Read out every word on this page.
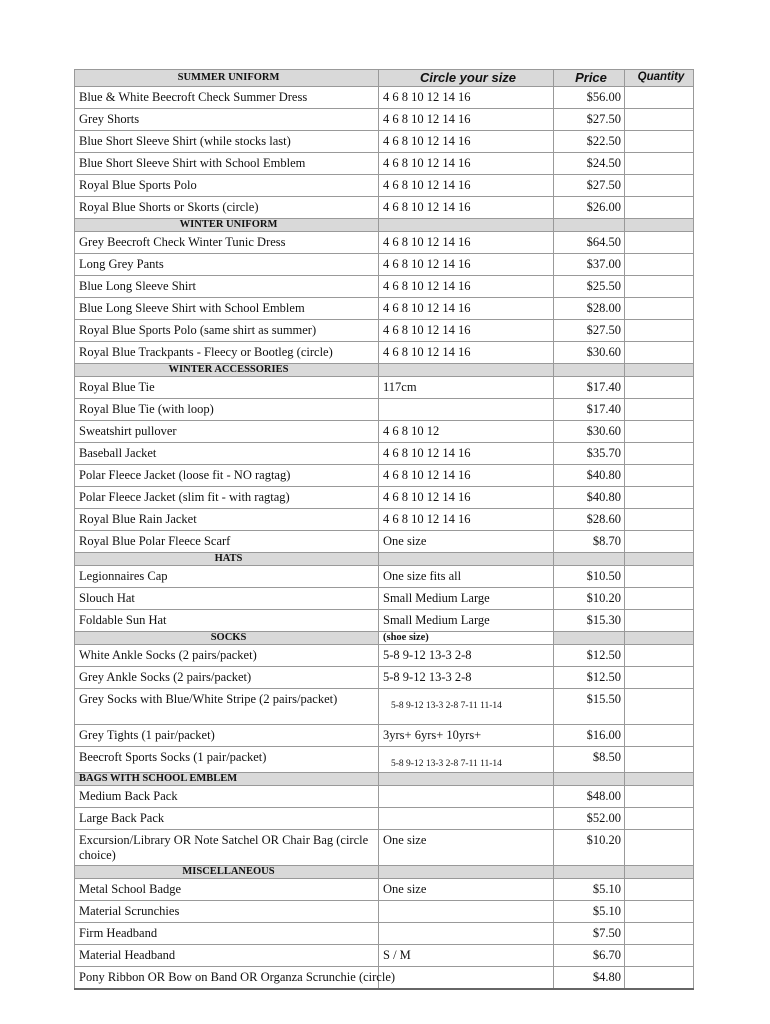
SUMMER UNIFORM	Circle your size	Price	Quantity
Blue & White Beecroft Check Summer Dress	4 6 8 10 12 14 16	$56.00	
Grey Shorts	4 6 8 10 12 14 16	$27.50	
Blue Short Sleeve Shirt (while stocks last)	4 6 8 10 12 14 16	$22.50	
Blue Short Sleeve Shirt with School Emblem	4 6 8 10 12 14 16	$24.50	
Royal Blue Sports Polo	4 6 8 10 12 14 16	$27.50	
Royal Blue Shorts or Skorts (circle)	4 6 8 10 12 14 16	$26.00	
WINTER UNIFORM			
Grey Beecroft Check Winter Tunic Dress	4 6 8 10 12 14 16	$64.50	
Long Grey Pants	4 6 8 10 12 14 16	$37.00	
Blue Long Sleeve Shirt	4 6 8 10 12 14 16	$25.50	
Blue Long Sleeve Shirt with School Emblem	4 6 8 10 12 14 16	$28.00	
Royal Blue Sports Polo (same shirt as summer)	4 6 8 10 12 14 16	$27.50	
Royal Blue Trackpants - Fleecy or Bootleg (circle)	4 6 8 10 12 14 16	$30.60	
WINTER ACCESSORIES			
Royal Blue Tie	117cm	$17.40	
Royal Blue Tie (with loop)		$17.40	
Sweatshirt pullover	4 6 8 10 12	$30.60	
Baseball Jacket	4 6 8 10 12 14 16	$35.70	
Polar Fleece Jacket (loose fit - NO ragtag)	4 6 8 10 12 14 16	$40.80	
Polar Fleece Jacket (slim fit - with ragtag)	4 6 8 10 12 14 16	$40.80	
Royal Blue Rain Jacket	4 6 8 10 12 14 16	$28.60	
Royal Blue Polar Fleece Scarf	One size	$8.70	
HATS			
Legionnaires Cap	One size fits all	$10.50	
Slouch Hat	Small Medium Large	$10.20	
Foldable Sun Hat	Small Medium Large	$15.30	
SOCKS	(shoe size)		
White Ankle Socks (2 pairs/packet)	5-8 9-12 13-3 2-8	$12.50	
Grey Ankle Socks (2 pairs/packet)	5-8 9-12 13-3 2-8	$12.50	
Grey Socks with Blue/White Stripe (2 pairs/packet)	5-8 9-12 13-3 2-8 7-11 11-14	$15.50	
Grey Tights (1 pair/packet)	3yrs+ 6yrs+ 10yrs+	$16.00	
Beecroft Sports Socks (1 pair/packet)	5-8 9-12 13-3 2-8 7-11 11-14	$8.50	
BAGS WITH SCHOOL EMBLEM			
Medium Back Pack		$48.00	
Large Back Pack		$52.00	
Excursion/Library OR Note Satchel OR Chair Bag (circle choice)	One size	$10.20	
MISCELLANEOUS			
Metal School Badge	One size	$5.10	
Material Scrunchies		$5.10	
Firm Headband		$7.50	
Material Headband	S / M	$6.70	
Pony Ribbon OR Bow on Band OR Organza Scrunchie (circle)		$4.80	
